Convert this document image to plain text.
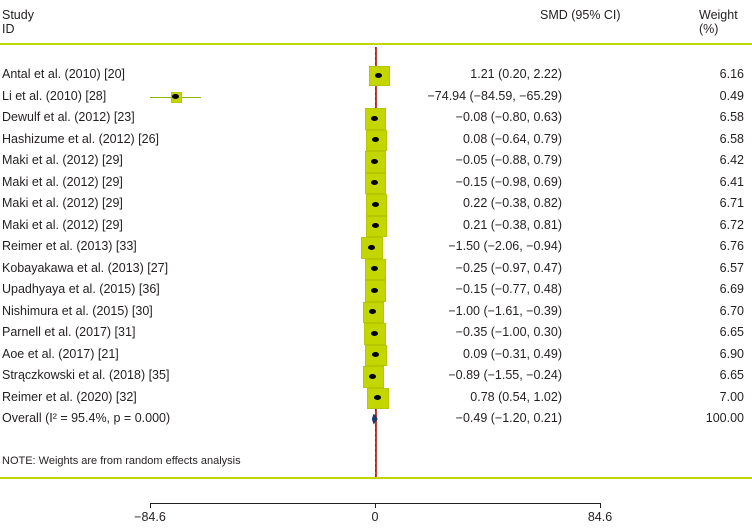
Study
ID
SMD (95% CI)	Weight
(%)
Antal et al. (2010) [20]	1.21 (0.20, 2.22)	6.16
Li et al. (2010) [28]	−74.94 (−84.59, −65.29)	0.49
Dewulf et al. (2012) [23]	−0.08 (−0.80, 0.63)	6.58
Hashizume et al. (2012) [26]	0.08 (−0.64, 0.79)	6.58
Maki et al. (2012) [29]	−0.05 (−0.88, 0.79)	6.42
Maki et al. (2012) [29]	−0.15 (−0.98, 0.69)	6.41
Maki et al. (2012) [29]	0.22 (−0.38, 0.82)	6.71
Maki et al. (2012) [29]	0.21 (−0.38, 0.81)	6.72
Reimer et al. (2013) [33]	−1.50 (−2.06, −0.94)	6.76
Kobayakawa et al. (2013) [27]	−0.25 (−0.97, 0.47)	6.57
Upadhyaya et al. (2015) [36]	−0.15 (−0.77, 0.48)	6.69
Nishimura et al. (2015) [30]	−1.00 (−1.61, −0.39)	6.70
Parnell et al. (2017) [31]	−0.35 (−1.00, 0.30)	6.65
Aoe et al. (2017) [21]	0.09 (−0.31, 0.49)	6.90
Strączkowski et al. (2018) [35]	−0.89 (−1.55, −0.24)	6.65
Reimer et al. (2020) [32]	0.78 (0.54, 1.02)	7.00
Overall (I² = 95.4%, p = 0.000)	−0.49 (−1.20, 0.21)	100.00
NOTE: Weights are from random effects analysis
−84.6	0	84.6
